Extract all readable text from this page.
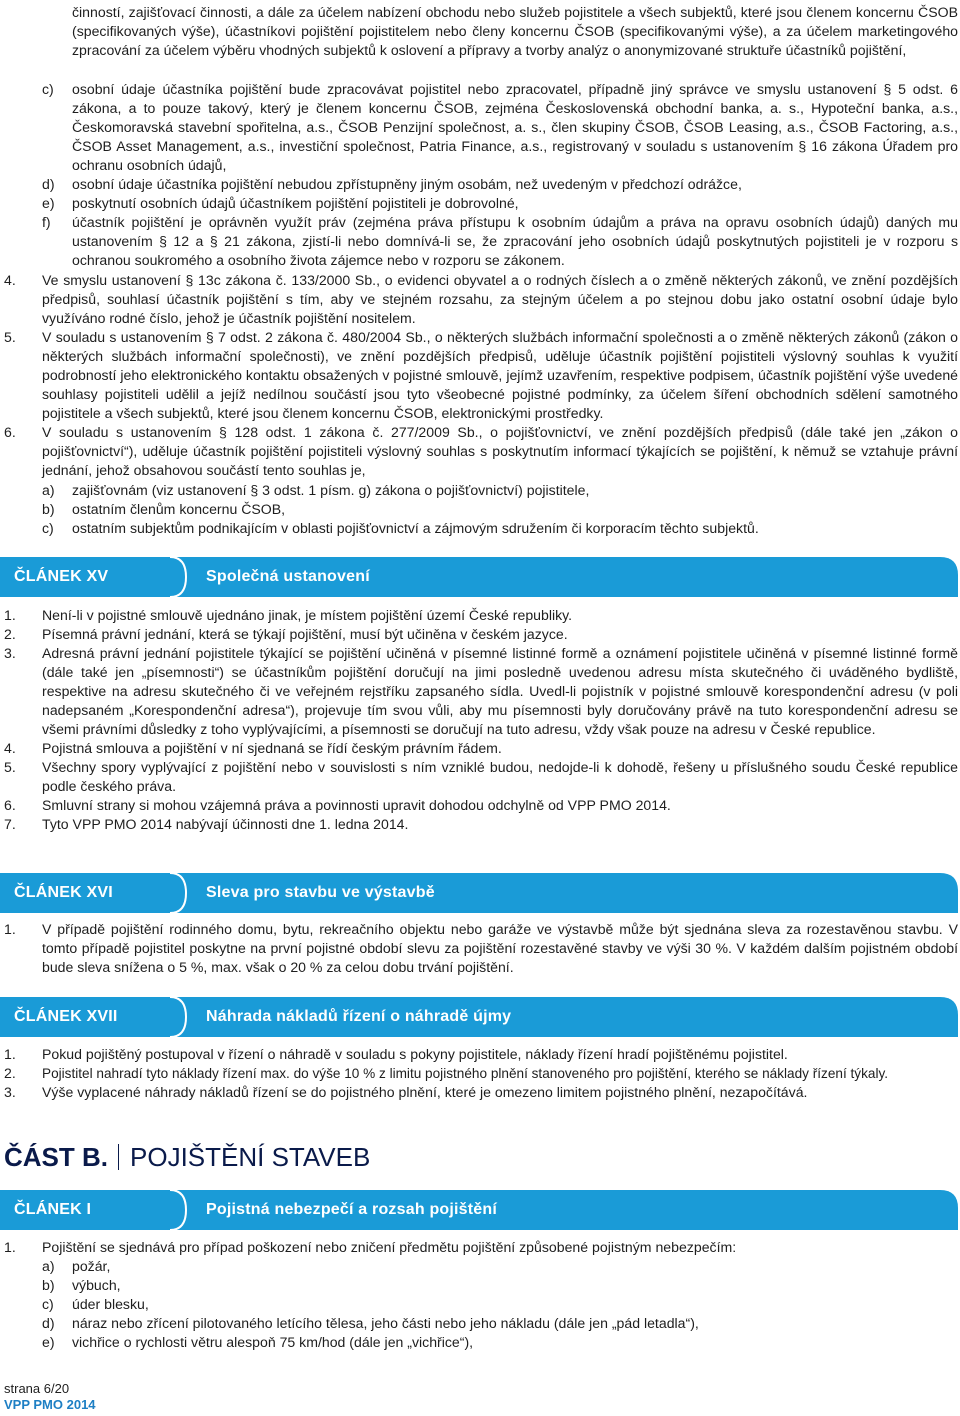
činností, zajišťovací činnosti, a dále za účelem nabízení obchodu nebo služeb pojistitele a všech subjektů, které jsou členem koncernu ČSOB (specifikovaných výše), účastníkovi pojištění pojistitelem nebo členy koncernu ČSOB (specifikovanými výše), a za účelem marketingového zpracování za účelem výběru vhodných subjektů k oslovení a přípravy a tvorby analýz o anonymizované struktuře účastníků pojištění,

c)	osobní údaje účastníka pojištění bude zpracovávat pojistitel nebo zpracovatel, případně jiný správce ve smyslu ustanovení § 5 odst. 6 zákona, a to pouze takový, který je členem koncernu ČSOB, zejména Československá obchodní banka, a. s., Hypoteční banka, a.s., Českomoravská stavební spořitelna, a.s., ČSOB Penzijní společnost, a. s., člen skupiny ČSOB, ČSOB Leasing, a.s., ČSOB Factoring, a.s., ČSOB Asset Management, a.s., investiční společnost, Patria Finance, a.s., registrovaný v souladu s ustanovením § 16 zákona Úřadem pro ochranu osobních údajů,

d)	osobní údaje účastníka pojištění nebudou zpřístupněny jiným osobám, než uvedeným v předchozí odrážce,

e)	poskytnutí osobních údajů účastníkem pojištění pojistiteli je dobrovolné,

f)	účastník pojištění je oprávněn využít práv (zejména práva přístupu k osobním údajům a práva na opravu osobních údajů) daných mu ustanovením § 12 a § 21 zákona, zjistí-li nebo domnívá-li se, že zpracování jeho osobních údajů poskytnutých pojistiteli je v rozporu s ochranou soukromého a osobního života zájemce nebo v rozporu se zákonem.

4.	Ve smyslu ustanovení § 13c zákona č. 133/2000 Sb., o evidenci obyvatel a o rodných číslech a o změně některých zákonů, ve znění pozdějších předpisů, souhlasí účastník pojištění s tím, aby ve stejném rozsahu, za stejným účelem a po stejnou dobu jako ostatní osobní údaje bylo využíváno rodné číslo, jehož je účastník pojištění nositelem.

5.	V souladu s ustanovením § 7 odst. 2 zákona č. 480/2004 Sb., o některých službách informační společnosti a o změně některých zákonů (zákon o některých službách informační společnosti), ve znění pozdějších předpisů, uděluje účastník pojištění pojistiteli výslovný souhlas k využití podrobností jeho elektronického kontaktu obsažených v pojistné smlouvě, jejímž uzavřením, respektive podpisem, účastník pojištění výše uvedené souhlasy pojistiteli udělil a jejíž nedílnou součástí jsou tyto všeobecné pojistné podmínky, za účelem šíření obchodních sdělení samotného pojistitele a všech subjektů, které jsou členem koncernu ČSOB, elektronickými prostředky.

6.	V souladu s ustanovením § 128 odst. 1 zákona č. 277/2009 Sb., o pojišťovnictví, ve znění pozdějších předpisů (dále také jen „zákon o pojišťovnictví“), uděluje účastník pojištění pojistiteli výslovný souhlas s poskytnutím informací týkajících se pojištění, k němuž se vztahuje právní jednání, jehož obsahovou součástí tento souhlas je,

a)	zajišťovnám (viz ustanovení § 3 odst. 1 písm. g) zákona o pojišťovnictví) pojistitele,

b)	ostatním členům koncernu ČSOB,

c)	ostatním subjektům podnikajícím v oblasti pojišťovnictví a zájmovým sdružením či korporacím těchto subjektů.

ČLÁNEK XV	Společná ustanovení
1.	Není-li v pojistné smlouvě ujednáno jinak, je místem pojištění území České republiky.

2.	Písemná právní jednání, která se týkají pojištění, musí být učiněna v českém jazyce.

3.	Adresná právní jednání pojistitele týkající se pojištění učiněná v písemné listinné formě a oznámení pojistitele učiněná v písemné listinné formě (dále také jen „písemnosti“) se účastníkům pojištění doručují na jimi posledně uvedenou adresu místa skutečného či uváděného bydliště, respektive na adresu skutečného či ve veřejném rejstříku zapsaného sídla. Uvedl-li pojistník v pojistné smlouvě korespondenční adresu (v poli nadepsaném „Korespondenční adresa“), projevuje tím svou vůli, aby mu písemnosti byly doručovány právě na tuto korespondenční adresu se všemi právními důsledky z toho vyplývajícími, a písemnosti se doručují na tuto adresu, vždy však pouze na adresu v České republice.

4.	Pojistná smlouva a pojištění v ní sjednaná se řídí českým právním řádem.

5.	Všechny spory vyplývající z pojištění nebo v souvislosti s ním vzniklé budou, nedojde-li k dohodě, řešeny u příslušného soudu České republice podle českého práva.

6.	Smluvní strany si mohou vzájemná práva a povinnosti upravit dohodou odchylně od VPP PMO 2014.

7.	Tyto VPP PMO 2014 nabývají účinnosti dne 1. ledna 2014.

ČLÁNEK XVI	Sleva pro stavbu ve výstavbě
1.	V případě pojištění rodinného domu, bytu, rekreačního objektu nebo garáže ve výstavbě může být sjednána sleva za rozestavěnou stavbu. V tomto případě pojistitel poskytne na první pojistné období slevu za pojištění rozestavěné stavby ve výši 30 %. V každém dalším pojistném období bude sleva snížena o 5 %, max. však o 20 % za celou dobu trvání pojištění.

ČLÁNEK XVII	Náhrada nákladů řízení o náhradě újmy
1.	Pokud pojištěný postupoval v řízení o náhradě v souladu s pokyny pojistitele, náklady řízení hradí pojištěnému pojistitel.

2.	Pojistitel nahradí tyto náklady řízení max. do výše 10 % z limitu pojistného plnění stanoveného pro pojištění, kterého se náklady řízení týkaly.

3.	Výše vyplacené náhrady nákladů řízení se do pojistného plnění, které je omezeno limitem pojistného plnění, nezapočítává.

ČÁST B. POJIŠTĚNÍ STAVEB
ČLÁNEK I	Pojistná nebezpečí a rozsah pojištění
1.	Pojištění se sjednává pro případ poškození nebo zničení předmětu pojištění způsobené pojistným nebezpečím:

a)	požár,

b)	výbuch,

c)	úder blesku,

d)	náraz nebo zřícení pilotovaného letícího tělesa, jeho části nebo jeho nákladu (dále jen „pád letadla“),

e)	vichřice o rychlosti větru alespoň 75 km/hod (dále jen „vichřice“),

strana 6/20
VPP PMO 2014
